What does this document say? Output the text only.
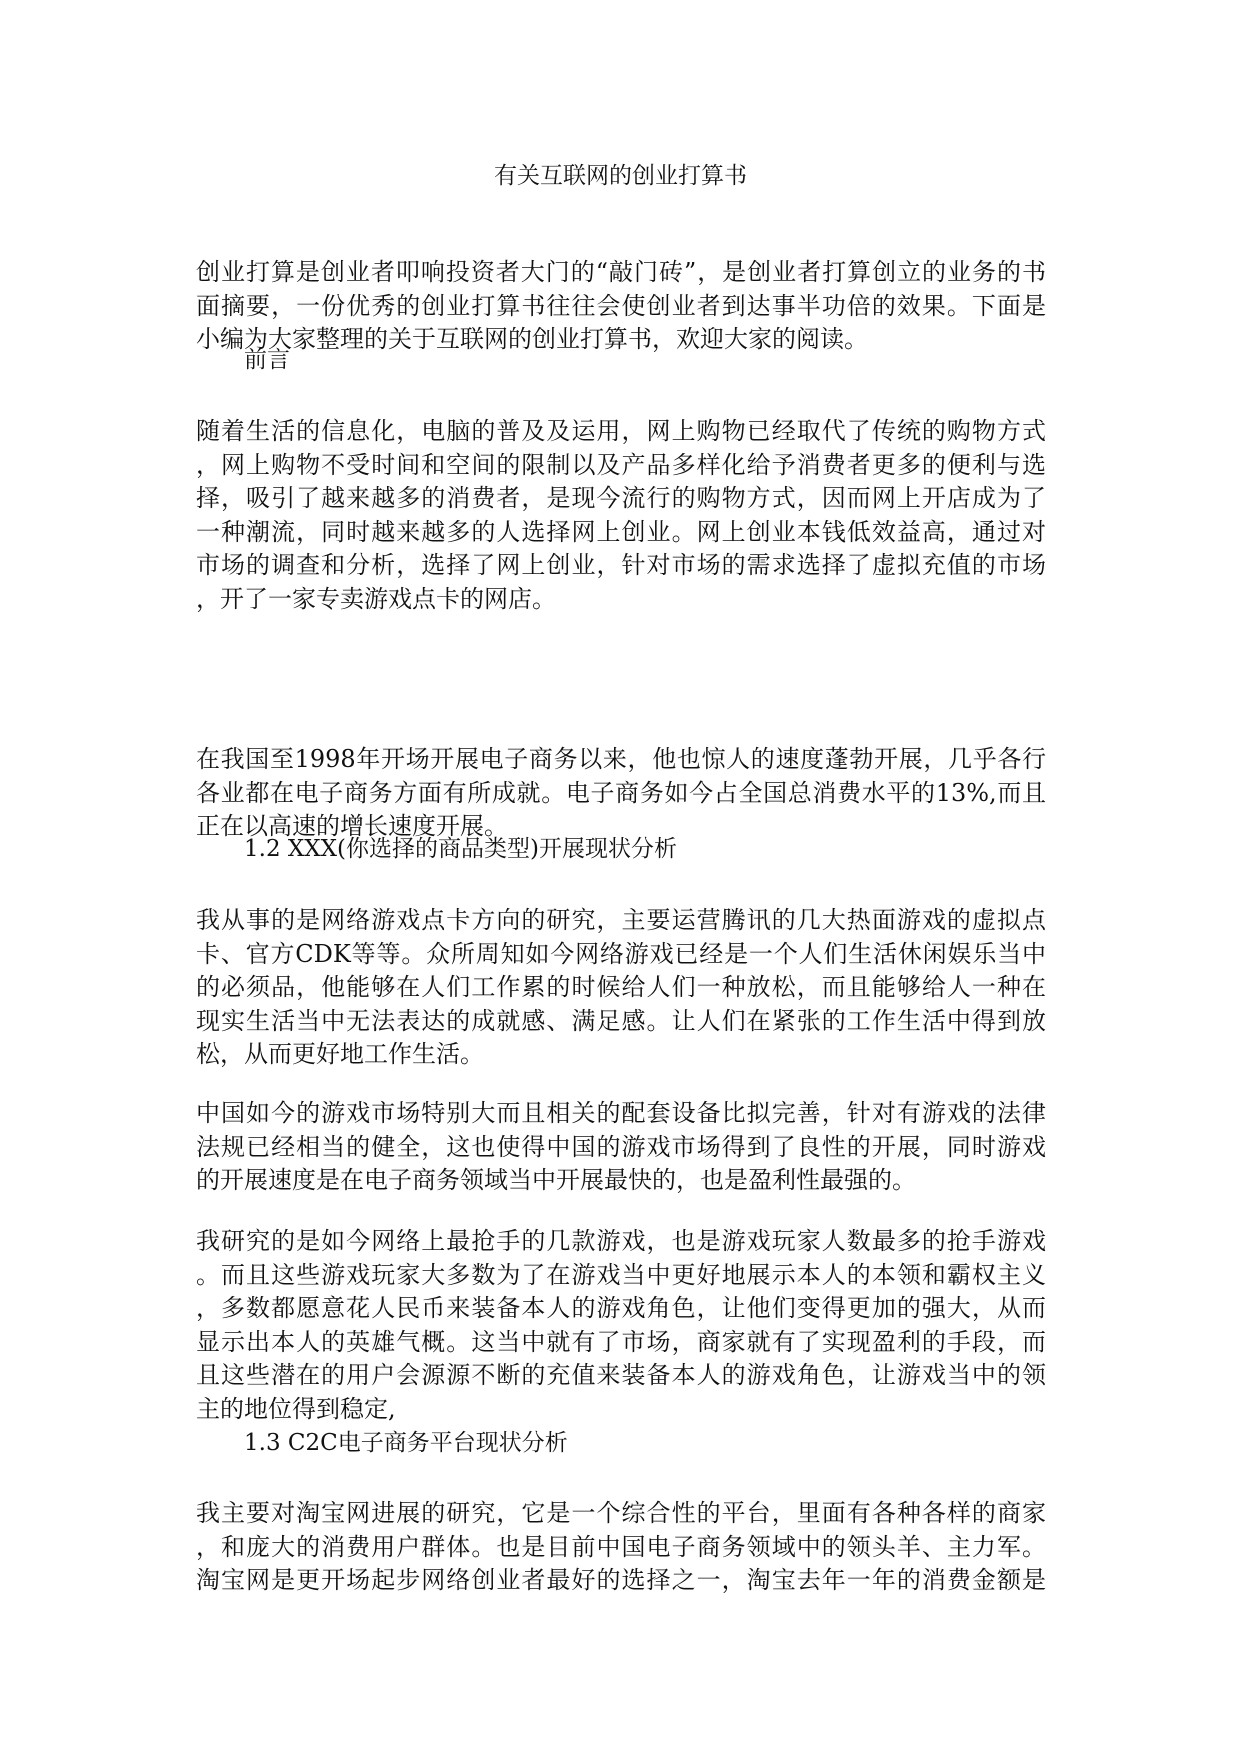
有关互联网的创业打算书

创业打算是创业者叩响投资者大门的“敲门砖”，是创业者打算创立的业务的书
面摘要，一份优秀的创业打算书往往会使创业者到达事半功倍的效果。下面是
小编为大家整理的关于互联网的创业打算书，欢迎大家的阅读。

前言

随着生活的信息化，电脑的普及及运用，网上购物已经取代了传统的购物方式
，网上购物不受时间和空间的限制以及产品多样化给予消费者更多的便利与选
择，吸引了越来越多的消费者，是现今流行的购物方式，因而网上开店成为了
一种潮流，同时越来越多的人选择网上创业。网上创业本钱低效益高，通过对
市场的调查和分析，选择了网上创业，针对市场的需求选择了虚拟充值的市场
，开了一家专卖游戏点卡的网店。

在我国至1998年开场开展电子商务以来，他也惊人的速度蓬勃开展，几乎各行
各业都在电子商务方面有所成就。电子商务如今占全国总消费水平的13%,而且
正在以高速的增长速度开展。

1.2 XXX(你选择的商品类型)开展现状分析

我从事的是网络游戏点卡方向的研究，主要运营腾讯的几大热面游戏的虚拟点
卡、官方CDK等等。众所周知如今网络游戏已经是一个人们生活休闲娱乐当中
的必须品，他能够在人们工作累的时候给人们一种放松，而且能够给人一种在
现实生活当中无法表达的成就感、满足感。让人们在紧张的工作生活中得到放
松，从而更好地工作生活。

中国如今的游戏市场特别大而且相关的配套设备比拟完善，针对有游戏的法律
法规已经相当的健全，这也使得中国的游戏市场得到了良性的开展，同时游戏
的开展速度是在电子商务领域当中开展最快的，也是盈利性最强的。

我研究的是如今网络上最抢手的几款游戏，也是游戏玩家人数最多的抢手游戏
。而且这些游戏玩家大多数为了在游戏当中更好地展示本人的本领和霸权主义
，多数都愿意花人民币来装备本人的游戏角色，让他们变得更加的强大，从而
显示出本人的英雄气概。这当中就有了市场，商家就有了实现盈利的手段，而
且这些潜在的用户会源源不断的充值来装备本人的游戏角色，让游戏当中的领
主的地位得到稳定,

1.3 C2C电子商务平台现状分析

我主要对淘宝网进展的研究，它是一个综合性的平台，里面有各种各样的商家
，和庞大的消费用户群体。也是目前中国电子商务领域中的领头羊、主力军。
淘宝网是更开场起步网络创业者最好的选择之一，淘宝去年一年的消费金额是
